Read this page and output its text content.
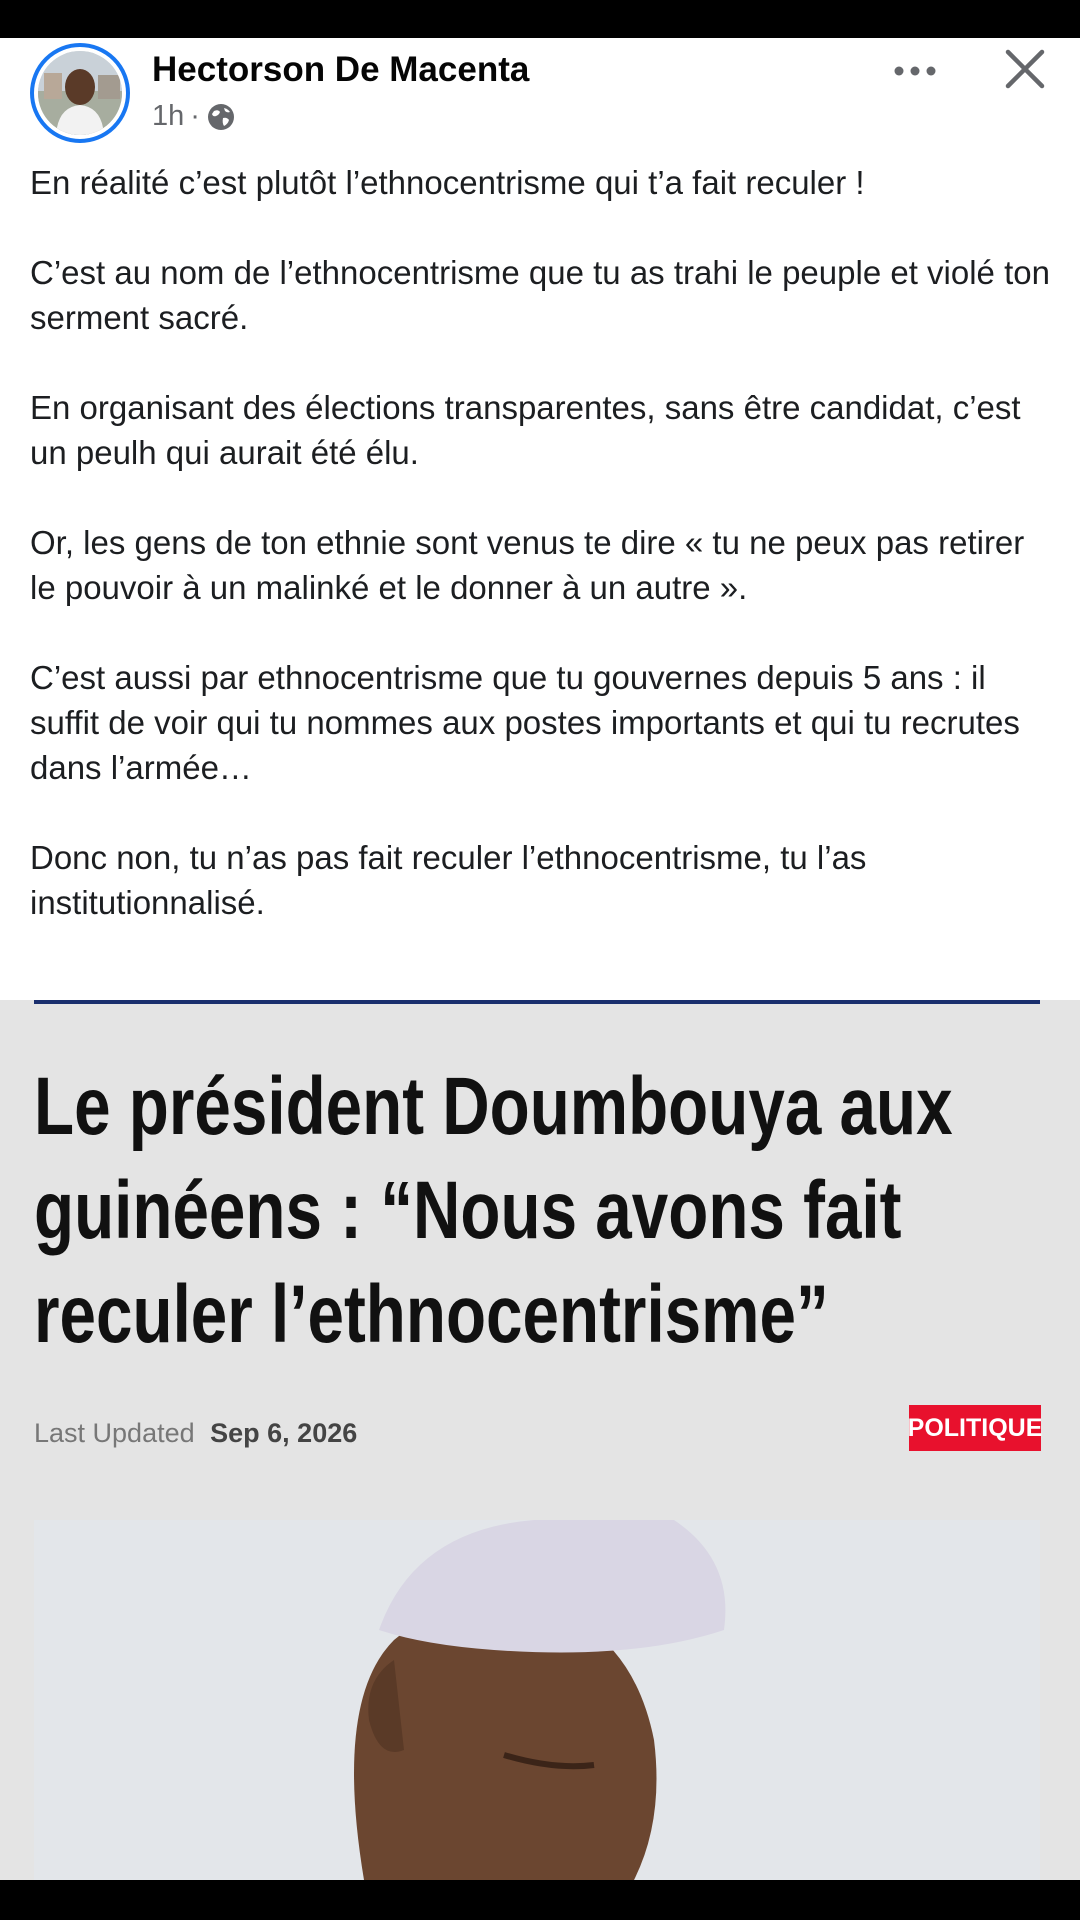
Hectorson De Macenta
1h ·

En réalité c’est plutôt l’ethnocentrisme qui t’a fait reculer !

C’est au nom de l’ethnocentrisme que tu as trahi le peuple et violé ton serment sacré.

En organisant des élections transparentes, sans être candidat, c’est un peulh qui aurait été élu.

Or, les gens de ton ethnie sont venus te dire « tu ne peux pas retirer le pouvoir à un malinké et le donner à un autre ».

C’est aussi par ethnocentrisme que tu gouvernes depuis 5 ans : il suffit de voir qui tu nommes aux postes importants et qui tu recrutes dans l’armée…

Donc non, tu n’as pas fait reculer l’ethnocentrisme, tu l’as institutionnalisé.

Le président Doumbouya aux
guinéens : “Nous avons fait
reculer l’ethnocentrisme”
Last Updated Sep 6, 2026	POLITIQUE
